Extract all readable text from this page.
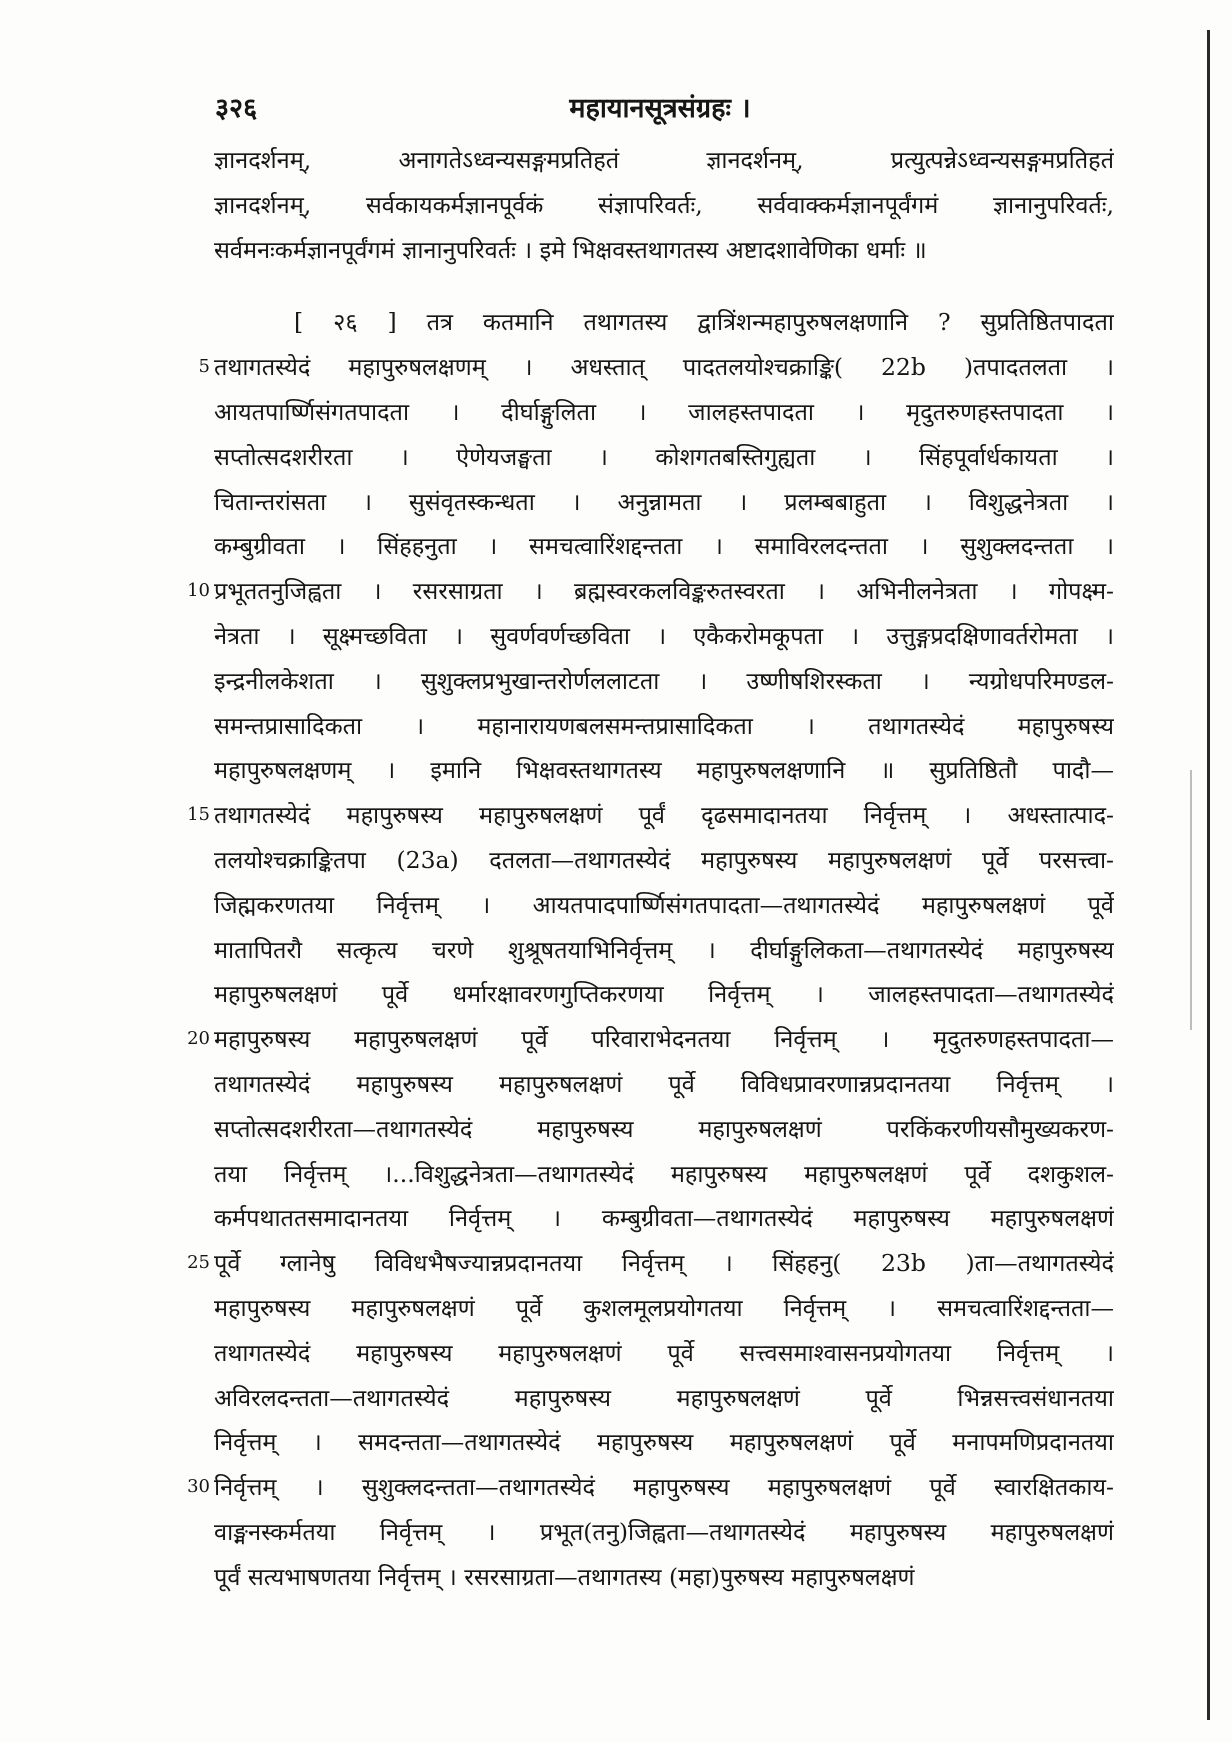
३२६	महायानसूत्रसंग्रहः ।
ज्ञानदर्शनम्, अनागतेऽध्वन्यसङ्गमप्रतिहतं ज्ञानदर्शनम्, प्रत्युत्पन्नेऽध्वन्यसङ्गमप्रतिहतं
ज्ञानदर्शनम्, सर्वकायकर्मज्ञानपूर्वकं संज्ञापरिवर्तः, सर्ववाक्कर्मज्ञानपूर्वंगमं ज्ञानानुपरिवर्तः,
सर्वमनःकर्मज्ञानपूर्वंगमं ज्ञानानुपरिवर्तः । इमे भिक्षवस्तथागतस्य अष्टादशावेणिका धर्माः ॥
[ २६ ] तत्र कतमानि तथागतस्य द्वात्रिंशन्महापुरुषलक्षणानि ? सुप्रतिष्ठितपादता
5 तथागतस्येदं महापुरुषलक्षणम् । अधस्तात् पादतलयोश्चक्राङ्कि( 22b )तपादतलता ।
आयतपार्ष्णिसंगतपादता । दीर्घाङ्गुलिता । जालहस्तपादता । मृदुतरुणहस्तपादता ।
सप्तोत्सदशरीरता । ऐणेयजङ्घता । कोशगतबस्तिगुह्यता । सिंहपूर्वार्धकायता ।
चितान्तरांसता । सुसंवृतस्कन्धता । अनुन्नामता । प्रलम्बबाहुता । विशुद्धनेत्रता ।
कम्बुग्रीवता । सिंहहनुता । समचत्वारिंशद्दन्तता । समाविरलदन्तता । सुशुक्लदन्तता ।
10 प्रभूततनुजिह्वता । रसरसाग्रता । ब्रह्मस्वरकलविङ्करुतस्वरता । अभिनीलनेत्रता । गोपक्ष्म-
नेत्रता । सूक्ष्मच्छविता । सुवर्णवर्णच्छविता । एकैकरोमकूपता । उत्तुङ्गप्रदक्षिणावर्तरोमता ।
इन्द्रनीलकेशता । सुशुक्लप्रभुखान्तरोर्णललाटता । उष्णीषशिरस्कता । न्यग्रोधपरिमण्डल-
समन्तप्रासादिकता । महानारायणबलसमन्तप्रासादिकता । तथागतस्येदं महापुरुषस्य
महापुरुषलक्षणम् । इमानि भिक्षवस्तथागतस्य महापुरुषलक्षणानि ॥ सुप्रतिष्ठितौ पादौ—
15 तथागतस्येदं महापुरुषस्य महापुरुषलक्षणं पूर्वं दृढसमादानतया निर्वृत्तम् । अधस्तात्पाद-
तलयोश्चक्राङ्कितपा (23a) दतलता—तथागतस्येदं महापुरुषस्य महापुरुषलक्षणं पूर्वे परसत्त्वा-
जिह्मकरणतया निर्वृत्तम् । आयतपादपार्ष्णिसंगतपादता—तथागतस्येदं महापुरुषलक्षणं पूर्वे
मातापितरौ सत्कृत्य चरणे शुश्रूषतयाभिनिर्वृत्तम् । दीर्घाङ्गुलिकता—तथागतस्येदं महापुरुषस्य
महापुरुषलक्षणं पूर्वे धर्मारक्षावरणगुप्तिकरणया निर्वृत्तम् । जालहस्तपादता—तथागतस्येदं
20 महापुरुषस्य महापुरुषलक्षणं पूर्वे परिवाराभेदनतया निर्वृत्तम् । मृदुतरुणहस्तपादता—
तथागतस्येदं महापुरुषस्य महापुरुषलक्षणं पूर्वे विविधप्रावरणान्नप्रदानतया निर्वृत्तम् ।
सप्तोत्सदशरीरता—तथागतस्येदं महापुरुषस्य महापुरुषलक्षणं परकिंकरणीयसौमुख्यकरण-
तया निर्वृत्तम् ।...विशुद्धनेत्रता—तथागतस्येदं महापुरुषस्य महापुरुषलक्षणं पूर्वे दशकुशल-
कर्मपथाततसमादानतया निर्वृत्तम् । कम्बुग्रीवता—तथागतस्येदं महापुरुषस्य महापुरुषलक्षणं
25 पूर्वे ग्लानेषु विविधभैषज्यान्नप्रदानतया निर्वृत्तम् । सिंहहनु( 23b )ता—तथागतस्येदं
महापुरुषस्य महापुरुषलक्षणं पूर्वे कुशलमूलप्रयोगतया निर्वृत्तम् । समचत्वारिंशद्दन्तता—
तथागतस्येदं महापुरुषस्य महापुरुषलक्षणं पूर्वे सत्त्वसमाश्वासनप्रयोगतया निर्वृत्तम् ।
अविरलदन्तता—तथागतस्येदं महापुरुषस्य महापुरुषलक्षणं पूर्वे भिन्नसत्त्वसंधानतया
निर्वृत्तम् । समदन्तता—तथागतस्येदं महापुरुषस्य महापुरुषलक्षणं पूर्वे मनापमणिप्रदानतया
30 निर्वृत्तम् । सुशुक्लदन्तता—तथागतस्येदं महापुरुषस्य महापुरुषलक्षणं पूर्वे स्वारक्षितकाय-
वाङ्मनस्कर्मतया निर्वृत्तम् । प्रभूत(तनु)जिह्वता—तथागतस्येदं महापुरुषस्य महापुरुषलक्षणं
पूर्वं सत्यभाषणतया निर्वृत्तम् । रसरसाग्रता—तथागतस्य (महा)पुरुषस्य महापुरुषलक्षणं
